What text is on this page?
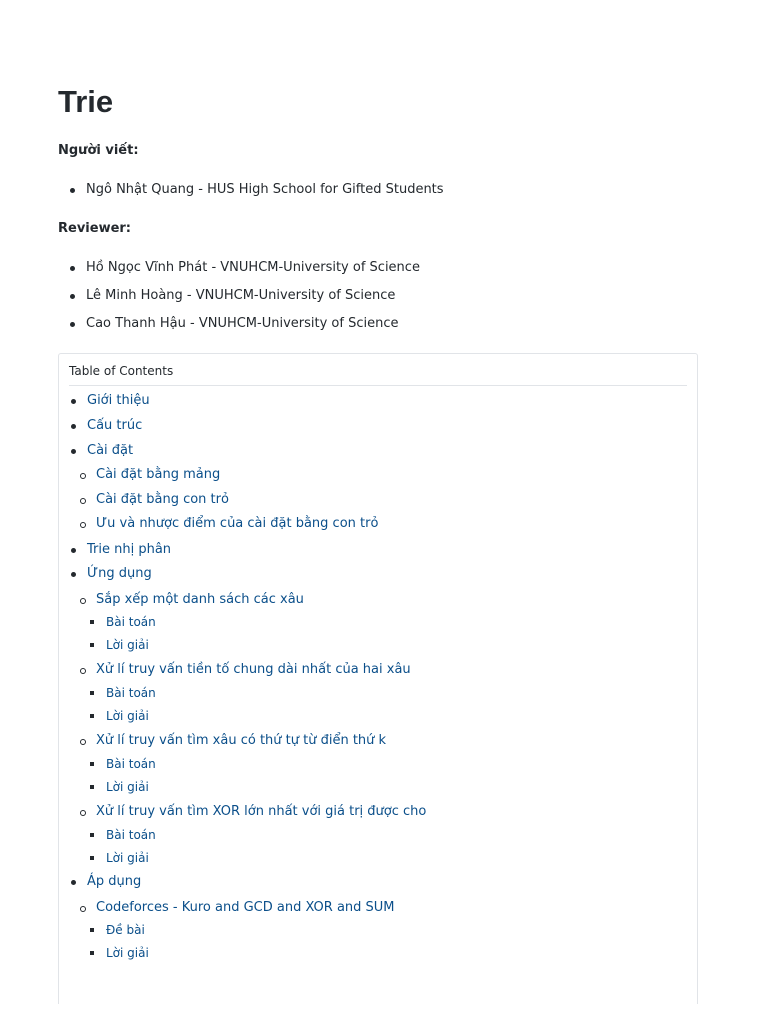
Trie
Người viết:
Ngô Nhật Quang - HUS High School for Gifted Students
Reviewer:
Hồ Ngọc Vĩnh Phát - VNUHCM-University of Science
Lê Minh Hoàng - VNUHCM-University of Science
Cao Thanh Hậu - VNUHCM-University of Science
Table of Contents
Giới thiệu
Cấu trúc
Cài đặt
Cài đặt bằng mảng
Cài đặt bằng con trỏ
Ưu và nhược điểm của cài đặt bằng con trỏ
Trie nhị phân
Ứng dụng
Sắp xếp một danh sách các xâu
Bài toán
Lời giải
Xử lí truy vấn tiền tố chung dài nhất của hai xâu
Bài toán
Lời giải
Xử lí truy vấn tìm xâu có thứ tự từ điển thứ k
Bài toán
Lời giải
Xử lí truy vấn tìm XOR lớn nhất với giá trị được cho
Bài toán
Lời giải
Áp dụng
Codeforces - Kuro and GCD and XOR and SUM
Đề bài
Lời giải
